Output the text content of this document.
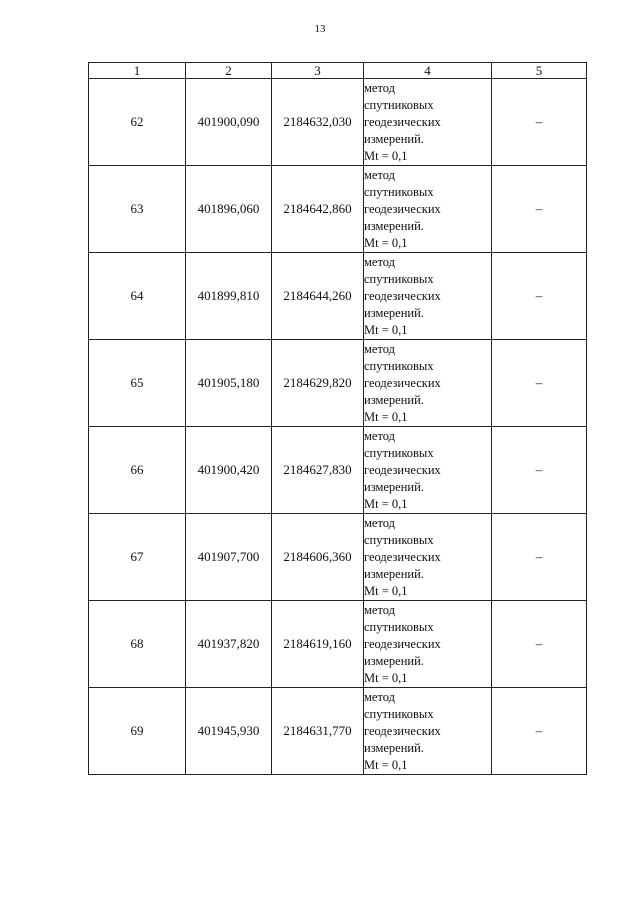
13
1	2	3	4	5
62	401900,090	2184632,030	метод
спутниковых
геодезических
измерений.
Mt = 0,1	–
63	401896,060	2184642,860	метод
спутниковых
геодезических
измерений.
Mt = 0,1	–
64	401899,810	2184644,260	метод
спутниковых
геодезических
измерений.
Mt = 0,1	–
65	401905,180	2184629,820	метод
спутниковых
геодезических
измерений.
Mt = 0,1	–
66	401900,420	2184627,830	метод
спутниковых
геодезических
измерений.
Mt = 0,1	–
67	401907,700	2184606,360	метод
спутниковых
геодезических
измерений.
Mt = 0,1	–
68	401937,820	2184619,160	метод
спутниковых
геодезических
измерений.
Mt = 0,1	–
69	401945,930	2184631,770	метод
спутниковых
геодезических
измерений.
Mt = 0,1	–
